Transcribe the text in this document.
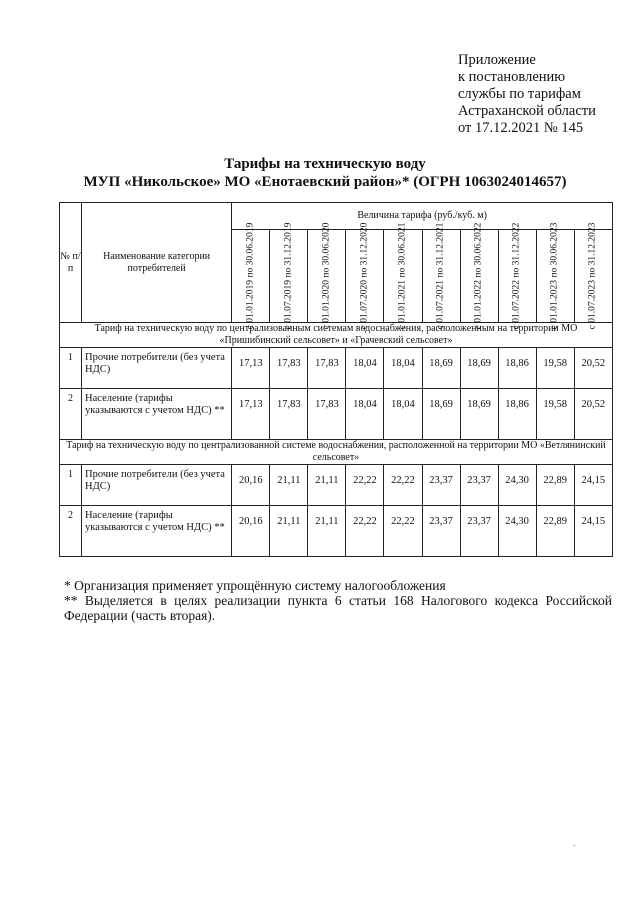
Приложение
к постановлению
службы по тарифам
Астраханской области
от 17.12.2021 № 145
Тарифы на техническую воду
МУП «Никольское» МО «Енотаевский район»* (ОГРН 1063024014657)
№ п/п	Наименование категории потребителей	Величина тарифа (руб./куб. м)									

		с 01.01.2019 по 30.06.2019	с 01.07.2019 по 31.12.2019	с 01.01.2020 по 30.06.2020	с 01.07.2020 по 31.12.2020	с 01.01.2021 по 30.06.2021	с 01.07.2021 по 31.12.2021	с 01.01.2022 по 30.06.2022	с 01.07.2022 по 31.12.2022	с 01.01.2023 по 30.06.2023	с 01.07.2023 по 31.12.2023

Тариф на техническую воду по централизованным системам водоснабжения, расположенным на территории МО «Пришибинский сельсовет» и «Грачевский сельсовет»											
1	Прочие потребители (без учета НДС)	17,13	17,83	17,83	18,04	18,04	18,69	18,69	18,86	19,58	20,52
2	Население (тарифы указываются с учетом НДС) **	17,13	17,83	17,83	18,04	18,04	18,69	18,69	18,86	19,58	20,52
Тариф на техническую воду по централизованной системе водоснабжения, расположенной на территории МО «Ветлянинский сельсовет»											
1	Прочие потребители (без учета НДС)	20,16	21,11	21,11	22,22	22,22	23,37	23,37	24,30	22,89	24,15
2	Население (тарифы указываются с учетом НДС) **	20,16	21,11	21,11	22,22	22,22	23,37	23,37	24,30	22,89	24,15
* Организация применяет упрощённую систему налогообложения
** Выделяется в целях реализации пункта 6 статьи 168 Налогового кодекса Российской
Федерации (часть вторая).
.
